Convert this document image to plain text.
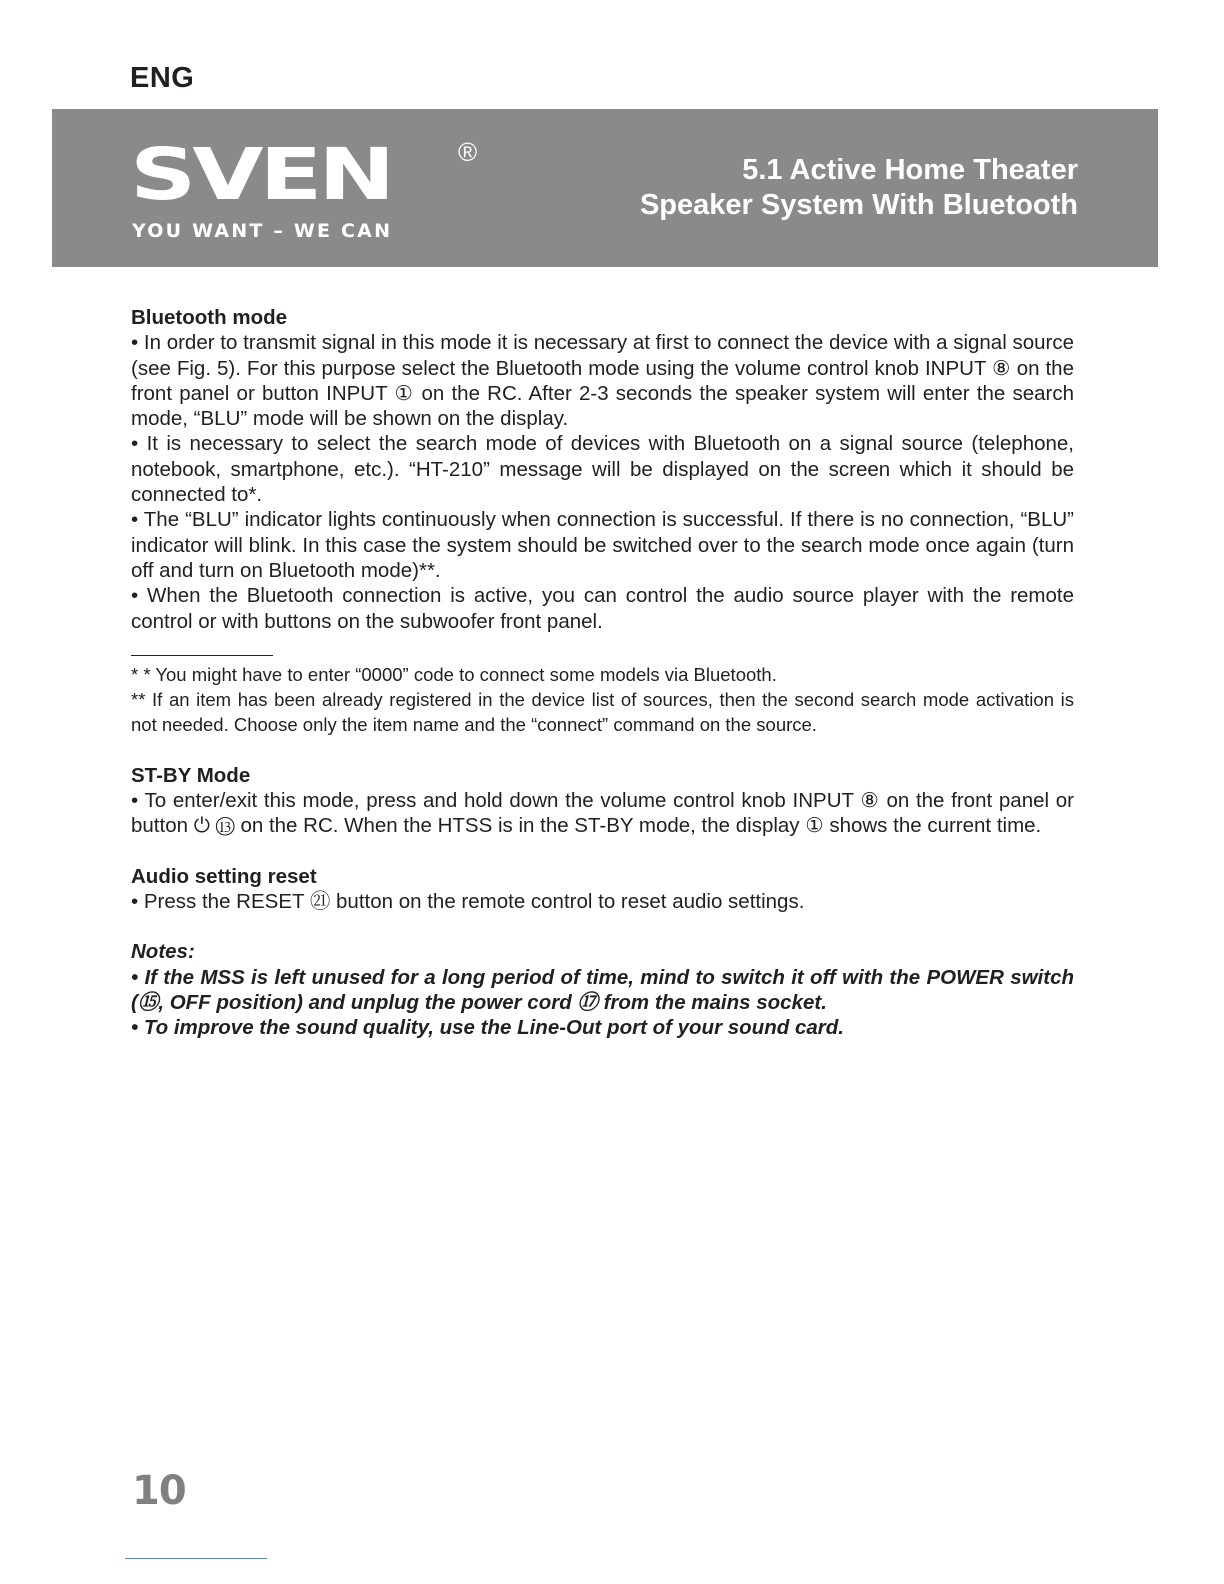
ENG
SVEN	®
YOU WANT – WE CAN
5.1 Active Home Theater
Speaker System With Bluetooth

Bluetooth mode

• In order to transmit signal in this mode it is necessary at first to connect the device with a signal source (see Fig. 5). For this purpose select the Bluetooth mode using the volume control knob INPUT ⑧ on the front panel or button INPUT ① on the RC. After 2-3 seconds the speaker system will enter the search mode, “BLU” mode will be shown on the display.

• It is necessary to select the search mode of devices with Bluetooth on a signal source (telephone, notebook, smartphone, etc.). “HT-210” message will be displayed on the screen which it should be connected to*.

• The “BLU” indicator lights continuously when connection is successful. If there is no connection, “BLU” indicator will blink. In this case the system should be switched over to the search mode once again (turn off and turn on Bluetooth mode)**.

• When the Bluetooth connection is active, you can control the audio source player with the remote control or with buttons on the subwoofer front panel.

* * You might have to enter “0000” code to connect some models via Bluetooth.

** If an item has been already registered in the device list of sources, then the second search mode activation is not needed. Choose only the item name and the “connect” command on the source.

ST-BY Mode

• To enter/exit this mode, press and hold down the volume control knob INPUT ⑧ on the front panel or button ⏻ ⑬ on the RC. When the HTSS is in the ST-BY mode, the display ① shows the current time.

Audio setting reset

• Press the RESET ㉑ button on the remote control to reset audio settings.

Notes:

• If the MSS is left unused for a long period of time, mind to switch it off with the POWER switch (⑮, OFF position) and unplug the power cord ⑰ from the mains socket.

• To improve the sound quality, use the Line-Out port of your sound card.

10
